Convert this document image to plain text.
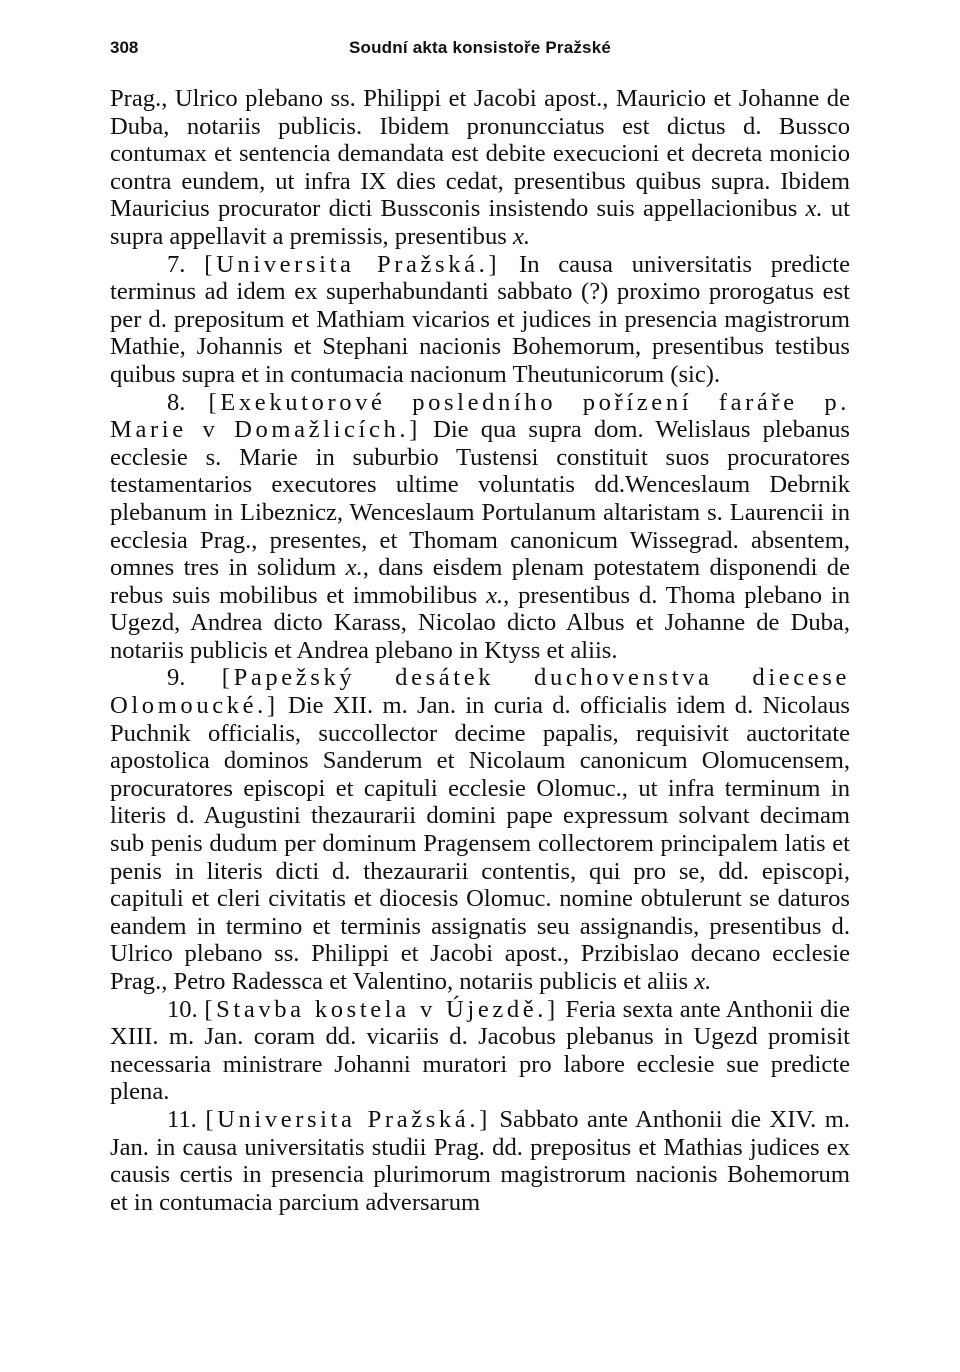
308	Soudní akta konsistoře Pražské

Prag., Ulrico plebano ss. Philippi et Jacobi apost., Mauricio et Johanne de Duba, notariis publicis. Ibidem pronuncciatus est dictus d. Bussco contumax et sentencia demandata est debite execucioni et decreta monicio contra eundem, ut infra IX dies cedat, presentibus quibus supra. Ibidem Mauricius procurator dicti Bussconis insistendo suis appellacionibus x. ut supra appellavit a premissis, presentibus x.

7. [Universita Pražská.] In causa universitatis predicte terminus ad idem ex superhabundanti sabbato (?) proximo prorogatus est per d. prepositum et Mathiam vicarios et judices in presencia magistrorum Mathie, Johannis et Stephani nacionis Bohemorum, presentibus testibus quibus supra et in contumacia nacionum Theutunicorum (sic).

8. [Exekutorové posledního pořízení faráře p. Marie v Domažlicích.] Die qua supra dom. Welislaus plebanus ecclesie s. Marie in suburbio Tustensi constituit suos procuratores testamentarios executores ultime voluntatis dd.Wenceslaum Debrnik plebanum in Libeznicz, Wenceslaum Portulanum altaristam s. Laurencii in ecclesia Prag., presentes, et Thomam canonicum Wissegrad. absentem, omnes tres in solidum x., dans eisdem plenam potestatem disponendi de rebus suis mobilibus et immobilibus x., presentibus d. Thoma plebano in Ugezd, Andrea dicto Karass, Nicolao dicto Albus et Johanne de Duba, notariis publicis et Andrea plebano in Ktyss et aliis.

9. [Papežský desátek duchovenstva diecese Olomoucké.] Die XII. m. Jan. in curia d. officialis idem d. Nicolaus Puchnik officialis, succollector decime papalis, requisivit auctoritate apostolica dominos Sanderum et Nicolaum canonicum Olomucensem, procuratores episcopi et capituli ecclesie Olomuc., ut infra terminum in literis d. Augustini thezaurarii domini pape expressum solvant decimam sub penis dudum per dominum Pragensem collectorem principalem latis et penis in literis dicti d. thezaurarii contentis, qui pro se, dd. episcopi, capituli et cleri civitatis et diocesis Olomuc. nomine obtulerunt se daturos eandem in termino et terminis assignatis seu assignandis, presentibus d. Ulrico plebano ss. Philippi et Jacobi apost., Przibislao decano ecclesie Prag., Petro Radessca et Valentino, notariis publicis et aliis x.

10. [Stavba kostela v Újezdě.] Feria sexta ante Anthonii die XIII. m. Jan. coram dd. vicariis d. Jacobus plebanus in Ugezd promisit necessaria ministrare Johanni muratori pro labore ecclesie sue predicte plena.

11. [Universita Pražská.] Sabbato ante Anthonii die XIV. m. Jan. in causa universitatis studii Prag. dd. prepositus et Mathias judices ex causis certis in presencia plurimorum magistrorum nacionis Bohemorum et in contumacia parcium adversarum
